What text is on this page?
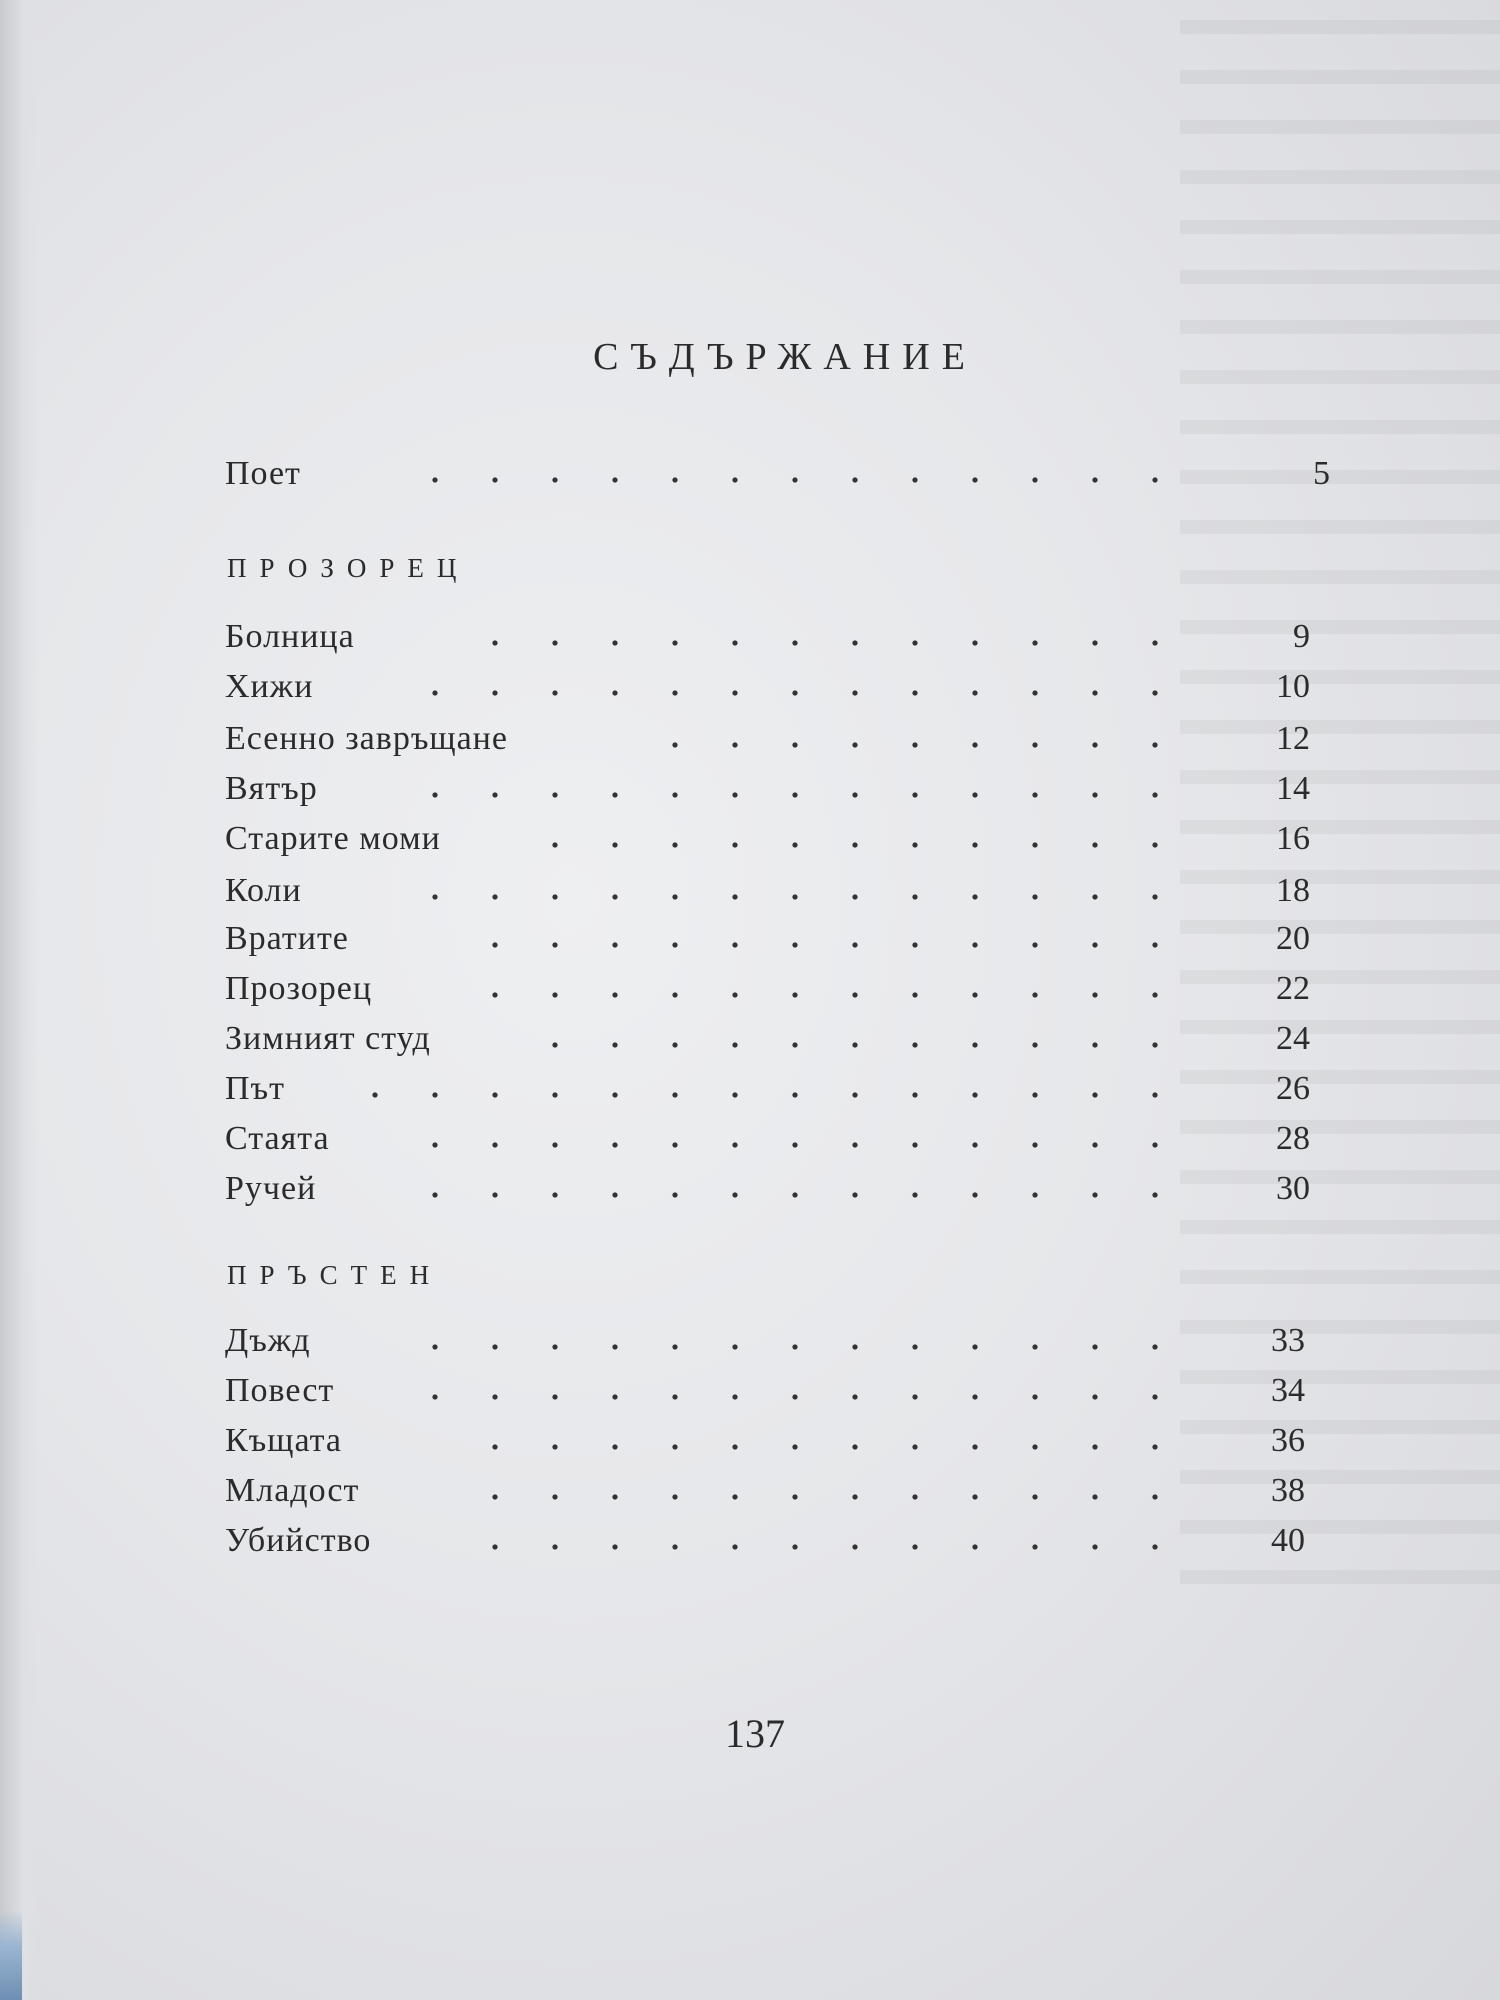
СЪДЪРЖАНИЕ
Поет	5
ПРОЗОРЕЦ
Болница	9
Хижи	10
Есенно завръщане	12
Вятър	14
Старите моми	16
Коли	18
Вратите	20
Прозорец	22
Зимният студ	24
Път	26
Стаята	28
Ручей	30
ПРЪСТЕН
Дъжд	33
Повест	34
Къщата	36
Младост	38
Убийство	40
137
